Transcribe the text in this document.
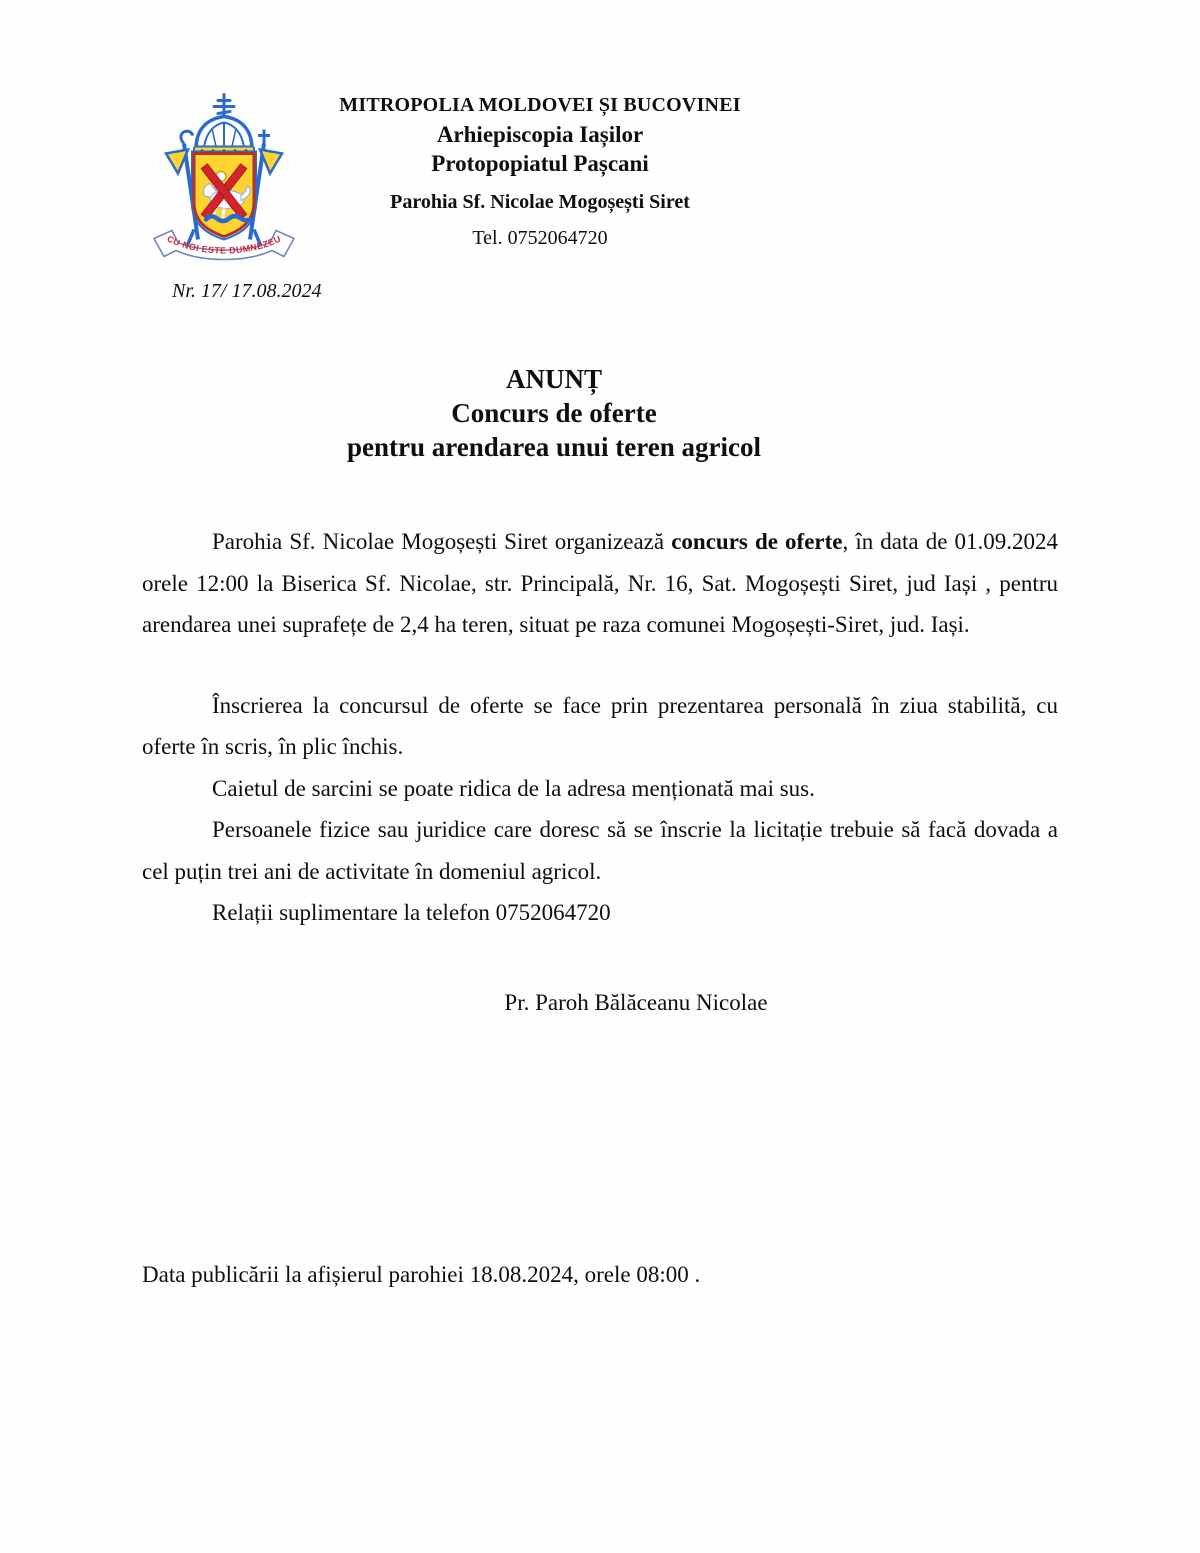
CU NOI ESTE DUMNEZEU

MITROPOLIA MOLDOVEI ȘI BUCOVINEI

Arhiepiscopia Iașilor

Protopopiatul Pașcani

Parohia Sf. Nicolae Mogoșești Siret

Tel. 0752064720

Nr. 17/ 17.08.2024

ANUNȚ

Concurs de oferte

pentru arendarea unui teren agricol

Parohia Sf. Nicolae Mogoșești Siret organizează concurs de oferte, în data de 01.09.2024 orele 12:00 la Biserica Sf. Nicolae, str. Principală, Nr. 16, Sat. Mogoșești Siret, jud Iași , pentru arendarea unei suprafețe de 2,4 ha teren, situat pe raza comunei Mogoșești-Siret, jud. Iași.

Înscrierea la concursul de oferte se face prin prezentarea personală în ziua stabilită, cu oferte în scris, în plic închis.

Caietul de sarcini se poate ridica de la adresa menționată mai sus.

Persoanele fizice sau juridice care doresc să se înscrie la licitație trebuie să facă dovada a cel puțin trei ani de activitate în domeniul agricol.

Relații suplimentare la telefon 0752064720

Pr. Paroh Bălăceanu Nicolae

Data publicării la afișierul parohiei 18.08.2024, orele 08:00 .
